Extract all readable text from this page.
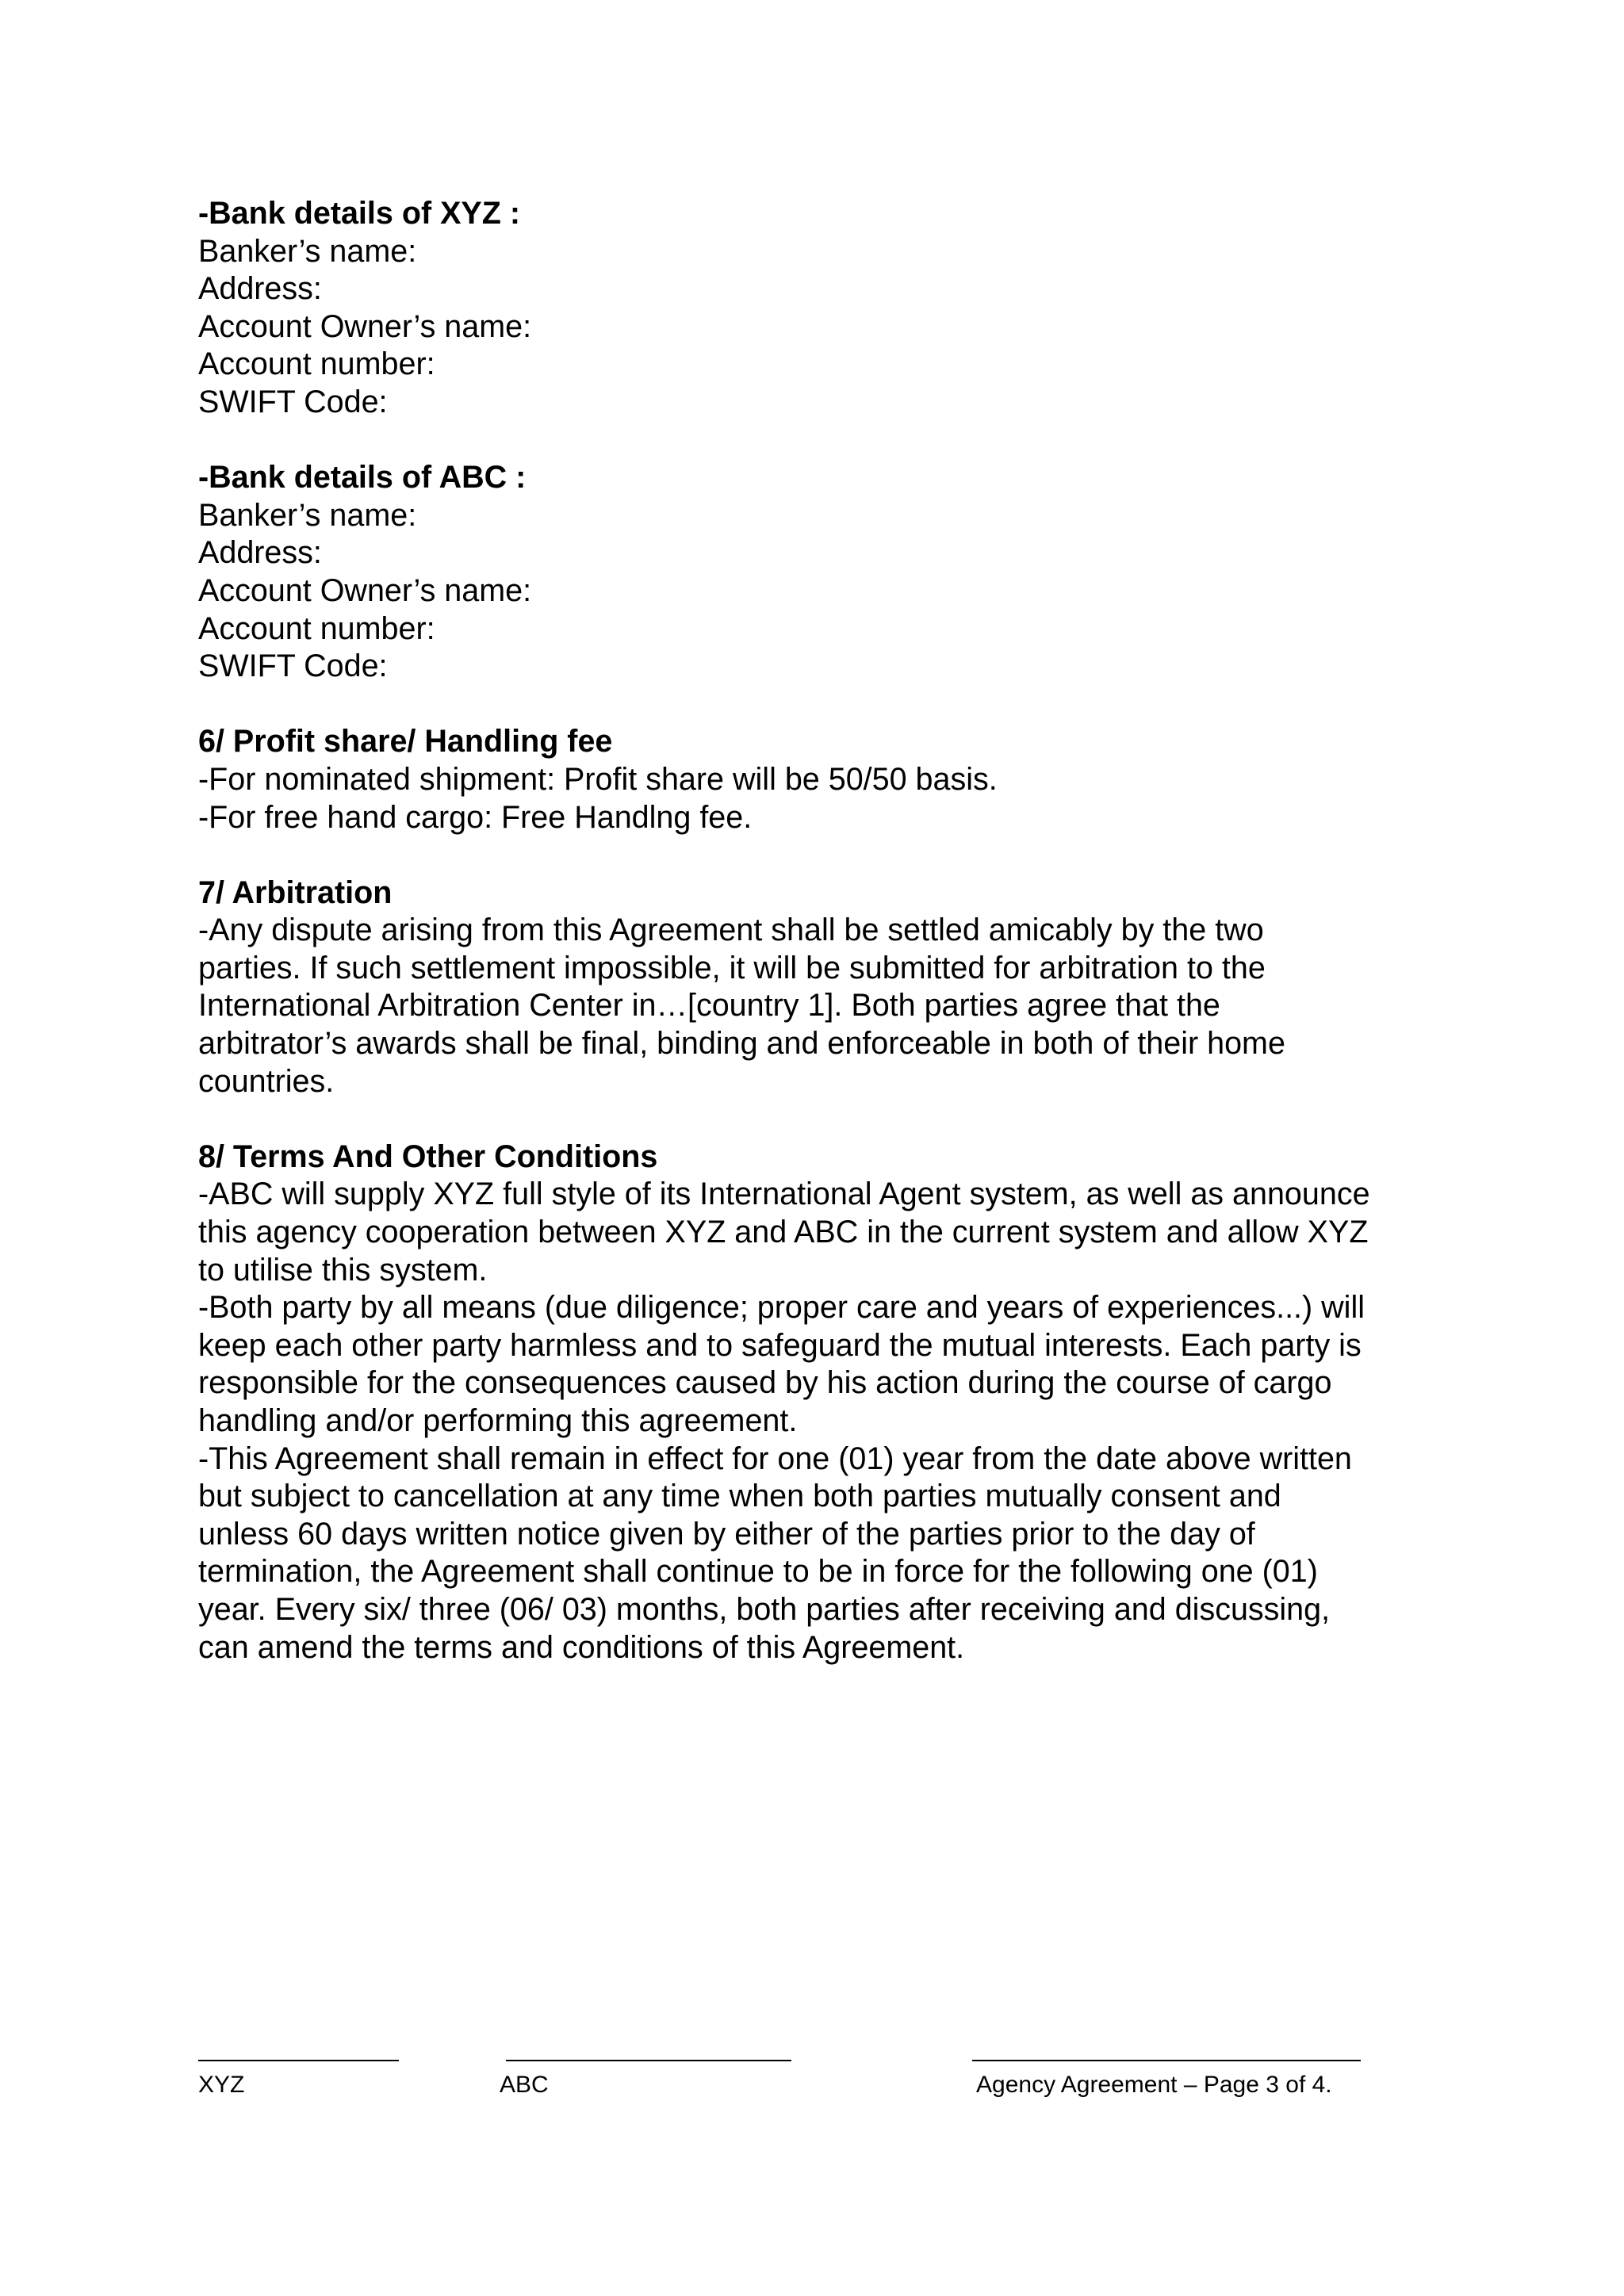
-Bank details of XYZ :
Banker’s name:
Address:
Account Owner’s name:
Account number:
SWIFT Code:
-Bank details of ABC :
Banker’s name:
Address:
Account Owner’s name:
Account number:
SWIFT Code:
6/ Profit share/ Handling fee
-For nominated shipment: Profit share will be 50/50 basis.
-For free hand cargo: Free Handlng fee.
7/ Arbitration
-Any dispute arising from this Agreement shall be settled amicably by the two
parties. If such settlement impossible, it will be submitted for arbitration to the
International Arbitration Center in…[country 1]. Both parties agree that the
arbitrator’s awards shall be final, binding and enforceable in both of their home
countries.
8/ Terms And Other Conditions
-ABC will supply XYZ full style of its International Agent system, as well as announce
this agency cooperation between XYZ and ABC in the current system and allow XYZ
to utilise this system.
-Both party by all means (due diligence; proper care and years of experiences...) will
keep each other party harmless and to safeguard the mutual interests. Each party is
responsible for the consequences caused by his action during the course of cargo
handling and/or performing this agreement.
-This Agreement shall remain in effect for one (01) year from the date above written
but subject to cancellation at any time when both parties mutually consent and
unless 60 days written notice given by either of the parties prior to the day of
termination, the Agreement shall continue to be in force for the following one (01)
year. Every six/ three (06/ 03) months, both parties after receiving and discussing,
can amend the terms and conditions of this Agreement.
XYZ	ABC	Agency Agreement – Page 3 of 4.
